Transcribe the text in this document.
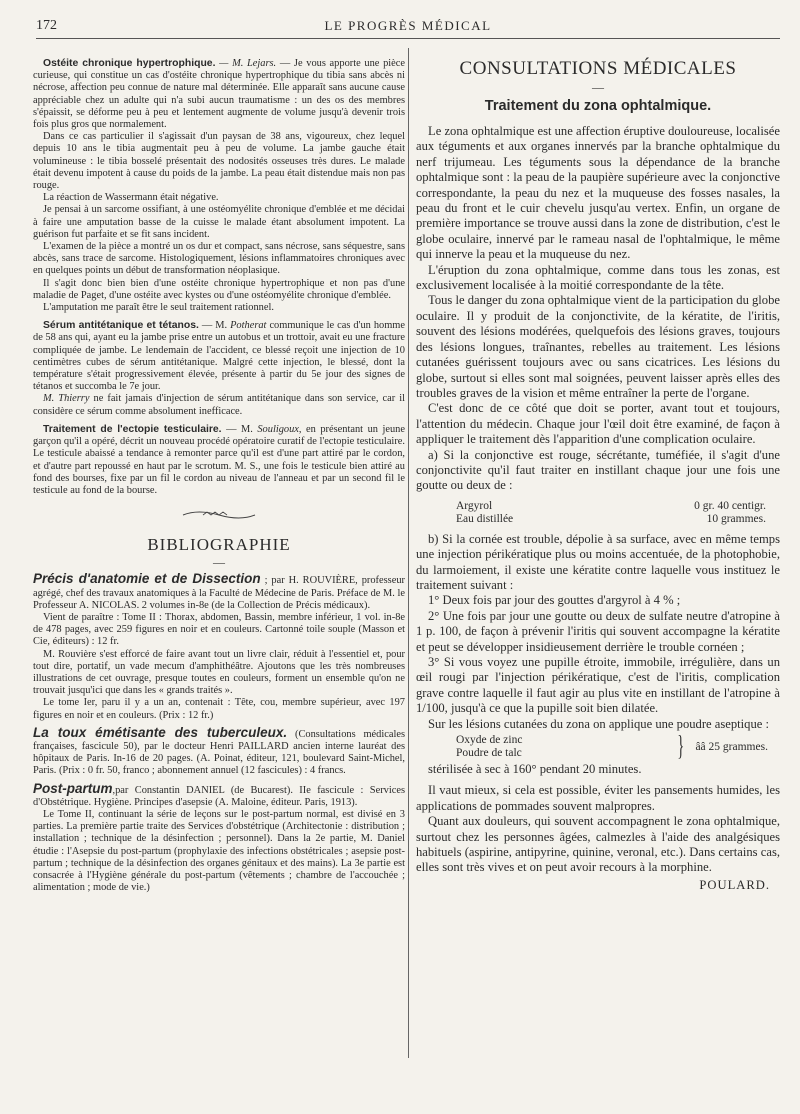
172	LE PROGRÈS MÉDICAL

Ostéite chronique hypertrophique. — M. Lejars. — Je vous apporte une pièce curieuse, qui constitue un cas d'ostéite chronique hypertrophique du tibia sans abcès ni nécrose, affection peu connue de nature mal déterminée. Elle apparaît sans aucune cause appréciable chez un adulte qui n'a subi aucun traumatisme : un des os des membres s'épaissit, se déforme peu à peu et lentement augmente de volume jusqu'à devenir trois fois plus gros que normalement.

Dans ce cas particulier il s'agissait d'un paysan de 38 ans, vigoureux, chez lequel depuis 10 ans le tibia augmentait peu à peu de volume. La jambe gauche était volumineuse : le tibia bosselé présentait des nodosités osseuses très dures. Le malade était devenu impotent à cause du poids de la jambe. La peau était distendue mais non pas rouge.

La réaction de Wassermann était négative.

Je pensai à un sarcome ossifiant, à une ostéomyélite chronique d'emblée et me décidai à faire une amputation basse de la cuisse le malade étant absolument impotent. La guérison fut parfaite et se fit sans incident.

L'examen de la pièce a montré un os dur et compact, sans nécrose, sans séquestre, sans abcès, sans trace de sarcome. Histologiquement, lésions inflammatoires chroniques avec en quelques points un début de transformation néoplasique.

Il s'agit donc bien bien d'une ostéite chronique hypertrophique et non pas d'une maladie de Paget, d'une ostéite avec kystes ou d'une ostéomyélite chronique d'emblée.

L'amputation me paraît être le seul traitement rationnel.

Sérum antitétanique et tétanos. — M. Potherat communique le cas d'un homme de 58 ans qui, ayant eu la jambe prise entre un autobus et un trottoir, avait eu une fracture compliquée de jambe. Le lendemain de l'accident, ce blessé reçoit une injection de 10 centimètres cubes de sérum antitétanique. Malgré cette injection, le blessé, dont la température s'était progressivement élevée, présente à partir du 5e jour des signes de tétanos et succomba le 7e jour.

M. Thierry ne fait jamais d'injection de sérum antitétanique dans son service, car il considère ce sérum comme absolument inefficace.

Traitement de l'ectopie testiculaire. — M. Souligoux, en présentant un jeune garçon qu'il a opéré, décrit un nouveau procédé opératoire curatif de l'ectopie testiculaire. Le testicule abaissé a tendance à remonter parce qu'il est d'une part attiré par le cordon, et d'autre part repoussé en haut par le scrotum. M. S., une fois le testicule bien attiré au fond des bourses, fixe par un fil le cordon au niveau de l'anneau et par un second fil le testicule au fond de la bourse.

BIBLIOGRAPHIE
—

Précis d'anatomie et de Dissection ; par H. ROUVIÈRE, professeur agrégé, chef des travaux anatomiques à la Faculté de Médecine de Paris. Préface de M. le Professeur A. NICOLAS. 2 volumes in-8e (de la Collection de Précis médicaux).

Vient de paraître : Tome II : Thorax, abdomen, Bassin, membre inférieur, 1 vol. in-8e de 478 pages, avec 259 figures en noir et en couleurs. Cartonné toile souple (Masson et Cie, éditeurs) : 12 fr.

M. Rouvière s'est efforcé de faire avant tout un livre clair, réduit à l'essentiel et, pour tout dire, portatif, un vade mecum d'amphithéâtre. Ajoutons que les très nombreuses illustrations de cet ouvrage, presque toutes en couleurs, forment un ensemble qu'on ne trouvait jusqu'ici que dans les « grands traités ».

Le tome Ier, paru il y a un an, contenait : Tête, cou, membre supérieur, avec 197 figures en noir et en couleurs. (Prix : 12 fr.)

La toux émétisante des tuberculeux. (Consultations médicales françaises, fascicule 50), par le docteur Henri PAILLARD ancien interne lauréat des hôpitaux de Paris. In-16 de 20 pages. (A. Poinat, éditeur, 121, boulevard Saint-Michel, Paris. (Prix : 0 fr. 50, franco ; abonnement annuel (12 fascicules) : 4 francs.

Post-partum,par Constantin DANIEL (de Bucarest). IIe fascicule : Services d'Obstétrique. Hygiène. Principes d'asepsie (A. Maloine, éditeur. Paris, 1913).

Le Tome II, continuant la série de leçons sur le post-partum normal, est divisé en 3 parties. La première partie traite des Services d'obstétrique (Architectonie : distribution ; installation ; technique de la désinfection ; personnel). Dans la 2e partie, M. Daniel étudie : l'Asepsie du post-partum (prophylaxie des infections obstétricales ; asepsie post-partum ; technique de la désinfection des organes génitaux et des mains). La 3e partie est consacrée à l'Hygiène générale du post-partum (vêtements ; chambre de l'accouchée ; alimentation ; mode de vie.)

CONSULTATIONS MÉDICALES
—
Traitement du zona ophtalmique.

Le zona ophtalmique est une affection éruptive douloureuse, localisée aux téguments et aux organes innervés par la branche ophtalmique du nerf trijumeau. Les téguments sous la dépendance de la branche ophtalmique sont : la peau de la paupière supérieure avec la conjonctive correspondante, la peau du nez et la muqueuse des fosses nasales, la peau du front et le cuir chevelu jusqu'au vertex. Enfin, un organe de première importance se trouve aussi dans la zone de distribution, c'est le globe oculaire, innervé par le rameau nasal de l'ophtalmique, le même qui innerve la peau et la muqueuse du nez.

L'éruption du zona ophtalmique, comme dans tous les zonas, est exclusivement localisée à la moitié correspondante de la tête.

Tous le danger du zona ophtalmique vient de la participation du globe oculaire. Il y produit de la conjonctivite, de la kératite, de l'iritis, souvent des lésions modérées, quelquefois des lésions graves, toujours des lésions longues, traînantes, rebelles au traitement. Les lésions cutanées guérissent toujours avec ou sans cicatrices. Les lésions du globe, surtout si elles sont mal soignées, peuvent laisser après elles des troubles graves de la vision et même entraîner la perte de l'organe.

C'est donc de ce côté que doit se porter, avant tout et toujours, l'attention du médecin. Chaque jour l'œil doit être examiné, de façon à appliquer le traitement dès l'apparition d'une complication oculaire.

a) Si la conjonctive est rouge, sécrétante, tuméfiée, il s'agit d'une conjonctivite qu'il faut traiter en instillant chaque jour une fois une goutte ou deux de :

Argyrol	0 gr. 40 centigr.
Eau distillée	10 grammes.

b) Si la cornée est trouble, dépolie à sa surface, avec en même temps une injection périkératique plus ou moins accentuée, de la photophobie, du larmoiement, il existe une kératite contre laquelle vous instituez le traitement suivant :

1° Deux fois par jour des gouttes d'argyrol à 4 % ;

2° Une fois par jour une goutte ou deux de sulfate neutre d'atropine à 1 p. 100, de façon à prévenir l'iritis qui souvent accompagne la kératite et peut se développer insidieusement derrière le trouble cornéen ;

3° Si vous voyez une pupille étroite, immobile, irrégulière, dans un œil rougi par l'injection périkératique, c'est de l'iritis, complication grave contre laquelle il faut agir au plus vite en instillant de l'atropine à 1/100, jusqu'à ce que la pupille soit bien dilatée.

Sur les lésions cutanées du zona on applique une poudre aseptique :

Oxyde de zinc
Poudre de talc	} ââ 25 grammes.

stérilisée à sec à 160° pendant 20 minutes.

Il vaut mieux, si cela est possible, éviter les pansements humides, les applications de pommades souvent malpropres.

Quant aux douleurs, qui souvent accompagnent le zona ophtalmique, surtout chez les personnes âgées, calmezles à l'aide des analgésiques habituels (aspirine, antipyrine, quinine, veronal, etc.). Dans certains cas, elles sont très vives et on peut avoir recours à la morphine.

POULARD.
